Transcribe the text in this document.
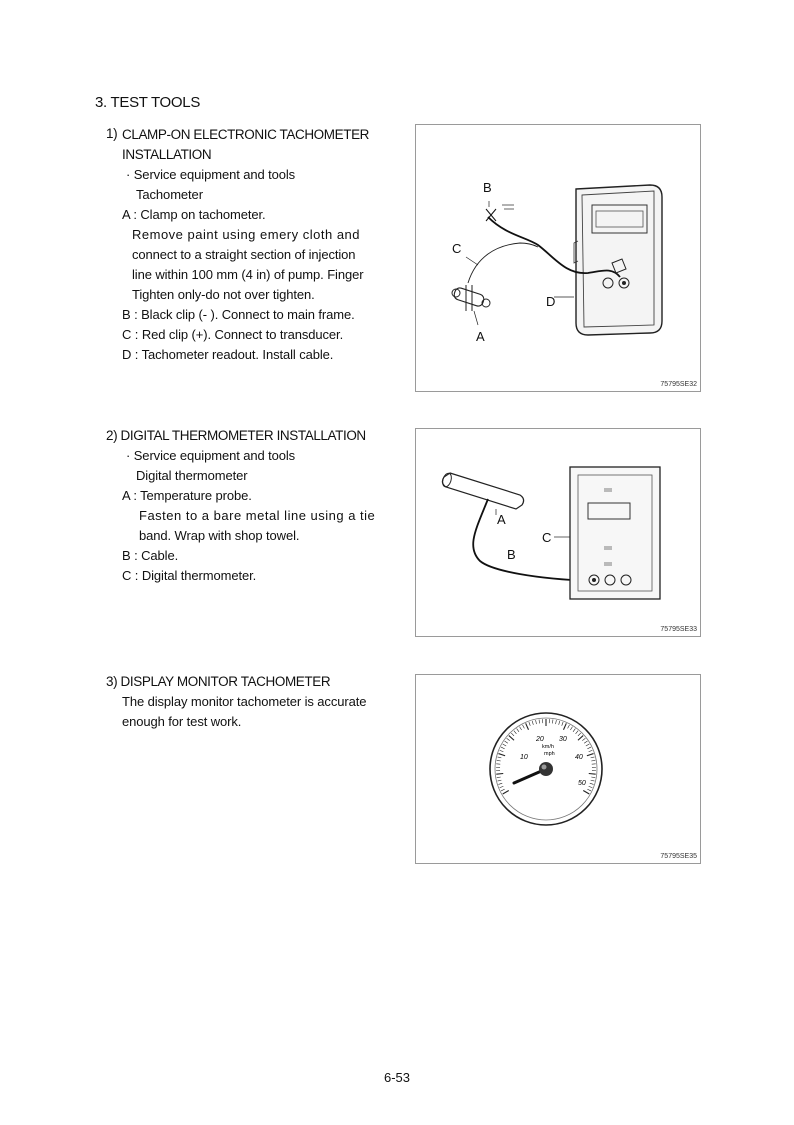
3. TEST TOOLS
1) CLAMP-ON ELECTRONIC TACHOMETER
INSTALLATION
· Service equipment and tools
Tachometer
A : Clamp on tachometer.
Remove paint using emery cloth and
connect to a straight section of injection
line within 100 mm (4 in) of pump. Finger
Tighten only-do not over tighten.
B : Black clip (- ). Connect to main frame.
C : Red clip (+). Connect to transducer.
D : Tachometer readout. Install cable.
B
C
D
A
75795SE32
2) DIGITAL THERMOMETER INSTALLATION
· Service equipment and tools
Digital thermometer
A : Temperature probe.
Fasten to a bare metal line using a tie
band. Wrap with shop towel.
B : Cable.
C : Digital thermometer.
A
C
B
75795SE33
3) DISPLAY MONITOR TACHOMETER
The display monitor tachometer is accurate
enough for test work.
10
20 30
40
50
km/h
mph
75795SE35
6-53
